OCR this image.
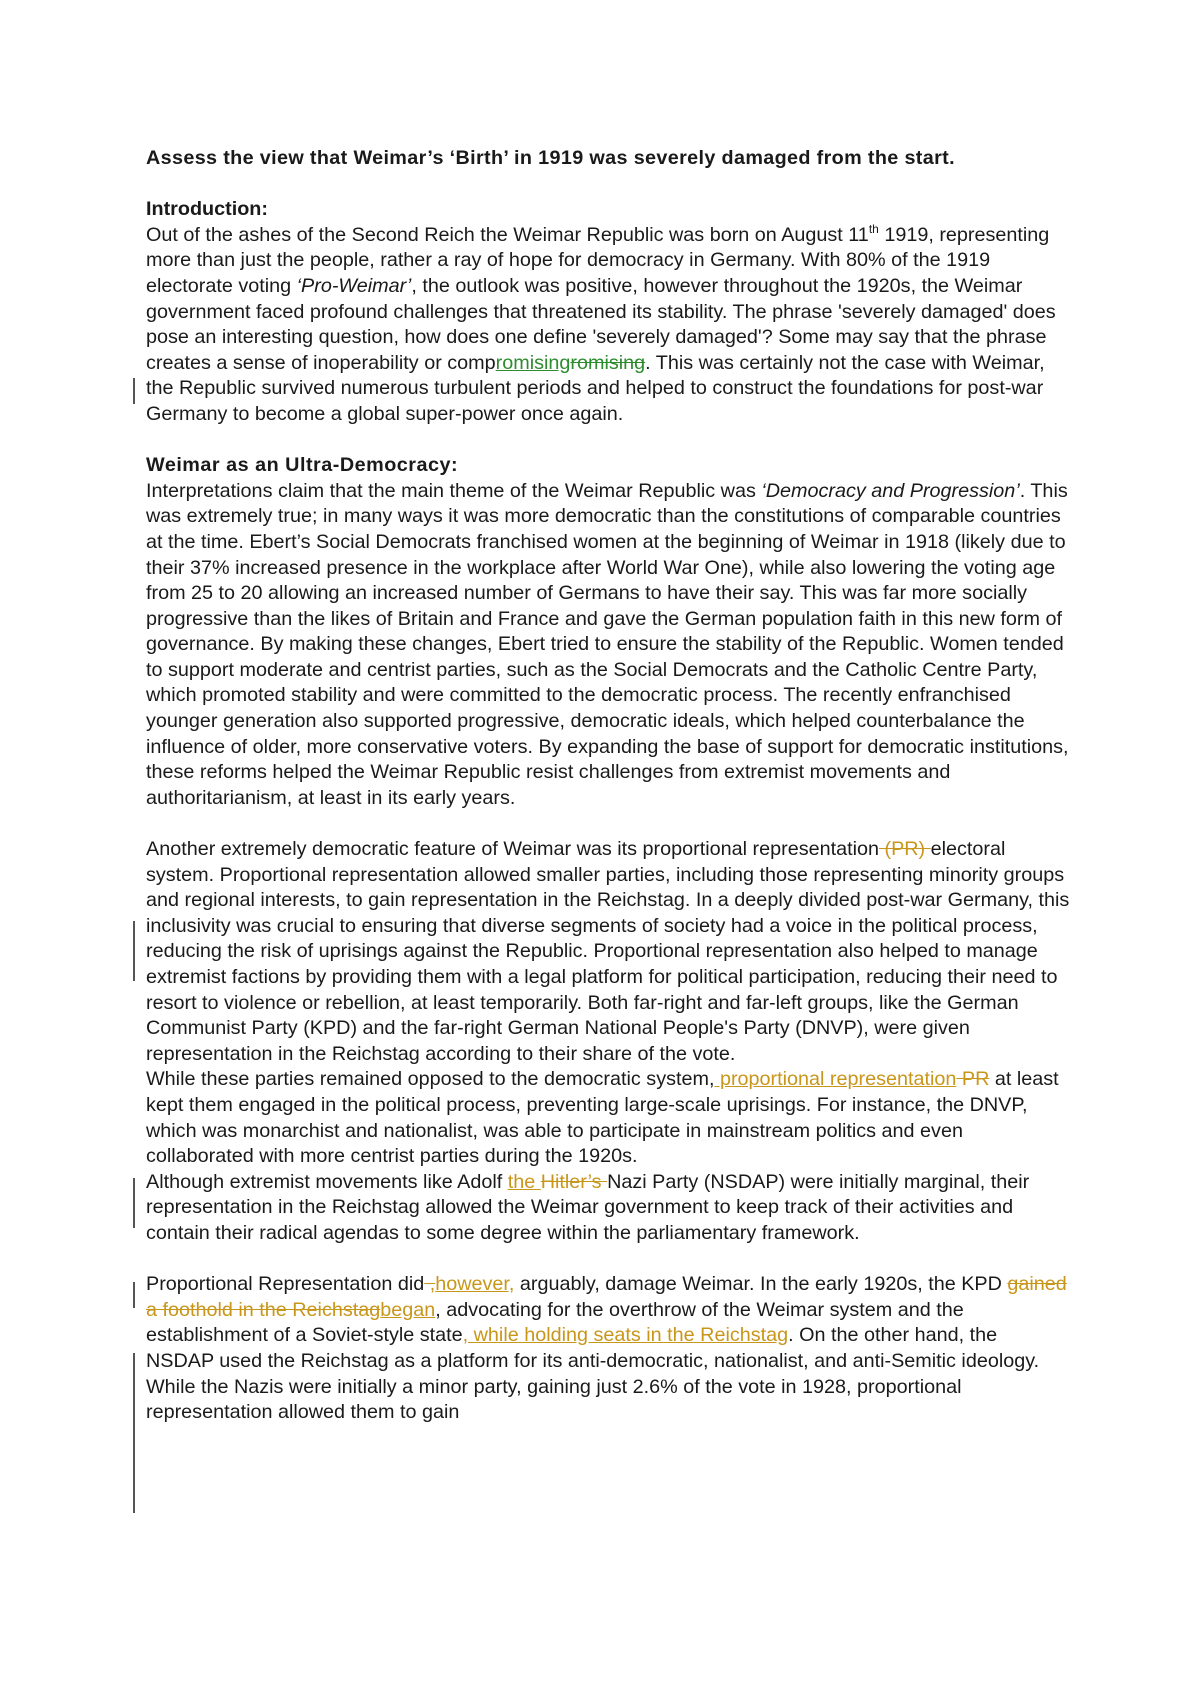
Assess the view that Weimar’s ‘Birth’ in 1919 was severely damaged from the start.

Introduction:

Out of the ashes of the Second Reich the Weimar Republic was born on August 11th 1919, representing more than just the people, rather a ray of hope for democracy in Germany. With 80% of the 1919 electorate voting ‘Pro-Weimar’, the outlook was positive, however throughout the 1920s, the Weimar government faced profound challenges that threatened its stability. The phrase 'severely damaged' does pose an interesting question, how does one define 'severely damaged'? Some may say that the phrase creates a sense of inoperability or compromisingromising. This was certainly not the case with Weimar, the Republic survived numerous turbulent periods and helped to construct the foundations for post-war Germany to become a global super-power once again.

Weimar as an Ultra-Democracy:

Interpretations claim that the main theme of the Weimar Republic was ‘Democracy and Progression’. This was extremely true; in many ways it was more democratic than the constitutions of comparable countries at the time. Ebert’s Social Democrats franchised women at the beginning of Weimar in 1918 (likely due to their 37% increased presence in the workplace after World War One), while also lowering the voting age from 25 to 20 allowing an increased number of Germans to have their say. This was far more socially progressive than the likes of Britain and France and gave the German population faith in this new form of governance. By making these changes, Ebert tried to ensure the stability of the Republic. Women tended to support moderate and centrist parties, such as the Social Democrats and the Catholic Centre Party, which promoted stability and were committed to the democratic process. The recently enfranchised younger generation also supported progressive, democratic ideals, which helped counterbalance the influence of older, more conservative voters. By expanding the base of support for democratic institutions, these reforms helped the Weimar Republic resist challenges from extremist movements and authoritarianism, at least in its early years.

Another extremely democratic feature of Weimar was its proportional representation (PR) electoral system. Proportional representation allowed smaller parties, including those representing minority groups and regional interests, to gain representation in the Reichstag. In a deeply divided post-war Germany, this inclusivity was crucial to ensuring that diverse segments of society had a voice in the political process, reducing the risk of uprisings against the Republic. Proportional representation also helped to manage extremist factions by providing them with a legal platform for political participation, reducing their need to resort to violence or rebellion, at least temporarily. Both far-right and far-left groups, like the German Communist Party (KPD) and the far-right German National People's Party (DNVP), were given representation in the Reichstag according to their share of the vote.

While these parties remained opposed to the democratic system, proportional representation PR at least kept them engaged in the political process, preventing large-scale uprisings. For instance, the DNVP, which was monarchist and nationalist, was able to participate in mainstream politics and even collaborated with more centrist parties during the 1920s.

Although extremist movements like Adolf the Hitler’s Nazi Party (NSDAP) were initially marginal, their representation in the Reichstag allowed the Weimar government to keep track of their activities and contain their radical agendas to some degree within the parliamentary framework.

Proportional Representation did ,however, arguably, damage Weimar. In the early 1920s, the KPD gained a foothold in the Reichstagbegan, advocating for the overthrow of the Weimar system and the establishment of a Soviet-style state, while holding seats in the Reichstag. On the other hand, the NSDAP used the Reichstag as a platform for its anti-democratic, nationalist, and anti-Semitic ideology. While the Nazis were initially a minor party, gaining just 2.6% of the vote in 1928, proportional representation allowed them to gain
